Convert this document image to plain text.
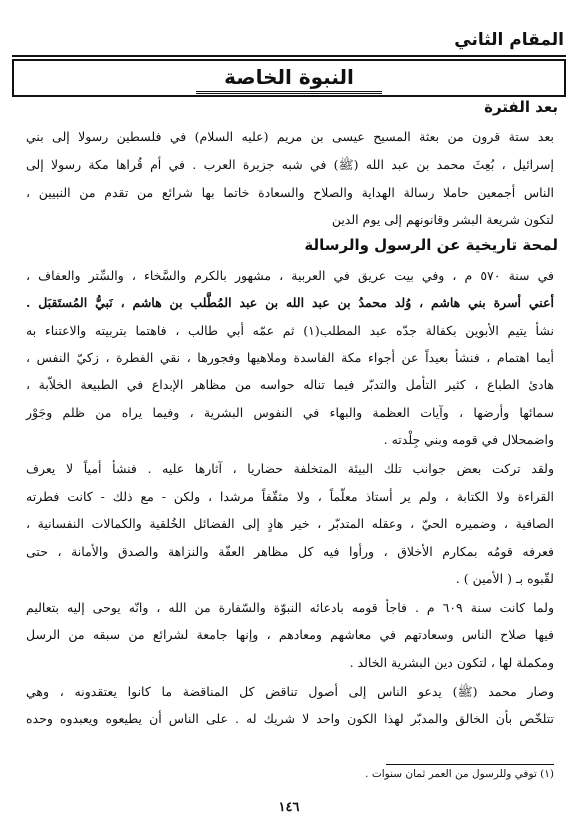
المقام الثاني
النبوة الخاصة
بعد الفترة
بعد ستة قرون من بعثة المسيح عيسى بن مريم (عليه السلام) في فلسطين رسولا إلى بني
إسرائيل ، بُعِثَ محمد بن عبد الله (ﷺ) في شبه جزيرة العرب . في أم قُراها مكة رسولا إلى
الناس أجمعين حاملا رسالة الهداية والصلاح والسعادة خاتما بها شرائع من تقدم من النبيين ،
لتكون شريعة البشر وقانونهم إلى يوم الدين
لمحة تاريخية عن الرسول والرسالة
في سنة ٥٧٠ م ، وفي بيت عريق في العربية ، مشهور بالكرم والسَّخاء ، والسِّتر والعفاف ،
أعني أسرة بني هاشم ، وُلد محمدُ بن عبد الله بن عبد المُطَّلب بن هاشم ، نَبيُّ المُستَقبَل .
نشأ يتيم الأبوين بكفالة جدّه عبد المطلب(١) ثم عمّه أبي طالب ، فاهتما بتربيته والاعتناء به
أيما اهتمام ، فنشأ بعيداً عن أجواء مكة الفاسدة وملاهيها وفجورها ، نقي الفطرة ، زكيّ النفس ،
هادئ الطباع ، كثير التأمل والتدبّر فيما تناله حواسه من مظاهر الإبداع في الطبيعة الخلاّبة ،
سمائها وأرضها ، وآيات العظمة والبهاء في النفوس البشرية ، وفيما يراه من ظلم وجَوْر
واضمحلال في قومه وبني جِلْدته .
ولقد تركت بعض جوانب تلك البيئة المتخلفة حضاريا ، آثارها عليه . فنشأ أمياً لا يعرف
القراءة ولا الكتابة ، ولم ير أستاذ معلّماً ، ولا مثقّفاً مرشدا ، ولكن - مع ذلك - كانت فطرته
الصافية ، وضميره الحيّ ، وعقله المتدبّر ، خير هادٍ إلى الفضائل الخُلقية والكمالات النفسانية ،
فعرفه قومُه بمكارم الأخلاق ، ورأوا فيه كل مظاهر العفّة والنزاهة والصدق والأمانة ، حتى
لقّبوه بـ ( الأمين ) .
ولما كانت سنة ٦٠٩ م . فاجأ قومه بادعائه النبوّة والسّفارة من الله ، وانّه يوحى إليه بتعاليم
فيها صلاح الناس وسعادتهم في معاشهم ومعادهم ، وإنها جامعة لشرائع من سبقه من الرسل
ومكملة لها ، لتكون دين البشرية الخالد .
وصار محمد (ﷺ) يدعو الناس إلى أصول تناقض كل المناقضة ما كانوا يعتقدونه ، وهي
تتلخّص بأن الخالق والمدبّر لهذا الكون واحد لا شريك له . على الناس أن يطيعوه ويعبدوه وحده
(١) توفي وللرسول من العمر ثمان سنوات .
١٤٦
